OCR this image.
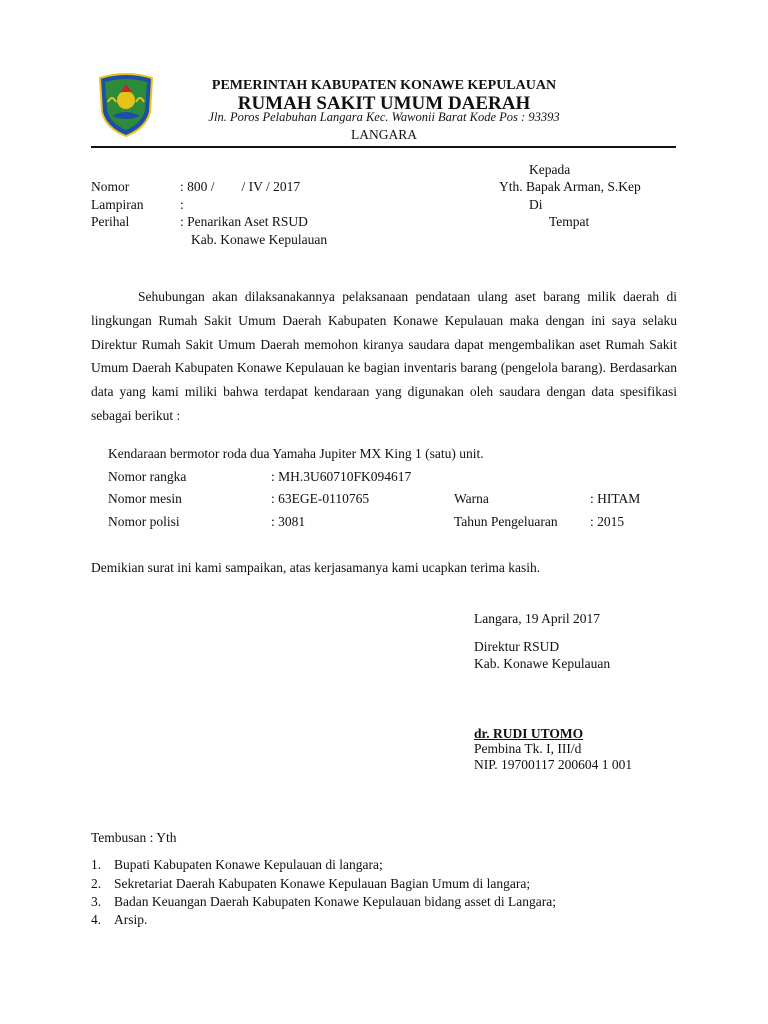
PEMERINTAH KABUPATEN KONAWE KEPULAUAN
RUMAH SAKIT UMUM DAERAH
Jln. Poros Pelabuhan Langara Kec. Wawonii Barat Kode Pos : 93393
LANGARA
Nomor	: 800 /        / IV / 2017
Lampiran	:
Perihal	: Penarikan Aset RSUD
Kab. Konawe Kepulauan
Kepada
Yth. Bapak Arman, S.Kep
Di
Tempat
Sehubungan akan dilaksanakannya pelaksanaan pendataan ulang aset barang milik daerah di lingkungan Rumah Sakit Umum Daerah Kabupaten Konawe Kepulauan maka dengan ini saya selaku Direktur Rumah Sakit Umum Daerah memohon kiranya saudara dapat mengembalikan aset Rumah Sakit Umum Daerah Kabupaten Konawe Kepulauan ke bagian inventaris barang (pengelola barang). Berdasarkan data yang kami miliki bahwa terdapat kendaraan yang digunakan oleh saudara dengan data spesifikasi sebagai berikut :
Kendaraan bermotor roda dua Yamaha Jupiter MX King 1 (satu) unit.
Nomor rangka	: MH.3U60710FK094617
Nomor mesin	: 63EGE-0110765	Warna	: HITAM
Nomor polisi	: 3081	Tahun Pengeluaran : 2015
Demikian surat ini kami sampaikan, atas kerjasamanya kami ucapkan terima kasih.
Langara, 19 April 2017
Direktur RSUD
Kab. Konawe Kepulauan
dr. RUDI UTOMO
Pembina Tk. I, III/d
NIP. 19700117 200604 1 001
Tembusan : Yth
1. Bupati Kabupaten Konawe Kepulauan di langara;
2. Sekretariat Daerah Kabupaten Konawe Kepulauan Bagian Umum di langara;
3. Badan Keuangan Daerah Kabupaten Konawe Kepulauan bidang asset di Langara;
4. Arsip.
